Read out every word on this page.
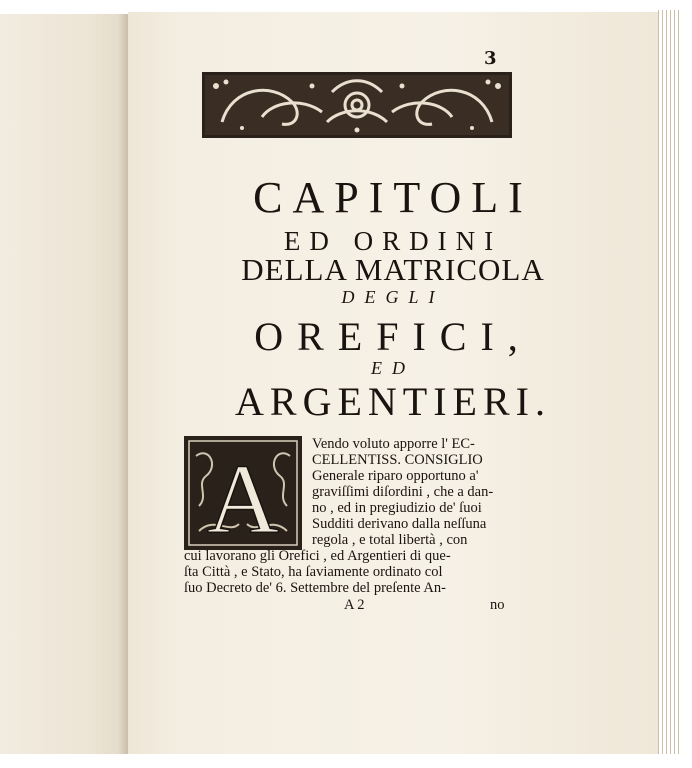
3
CAPITOLI
ED ORDINI
DELLA MATRICOLA
DEGLI
OREFICI,
ED
ARGENTIERI.
A Vendo voluto apporre l' EC-
CELLENTISS. CONSIGLIO
Generale riparo opportuno a'
graviſſimi diſordini , che a dan-
no , ed in pregiudizio de' ſuoi
Sudditi derivano dalla neſſuna
regola , e total libertà , con
cui lavorano gli Orefici , ed Argentieri di que-
ſta Città , e Stato, ha ſaviamente ordinato col
ſuo Decreto de' 6. Settembre del preſente An-
A 2	no
